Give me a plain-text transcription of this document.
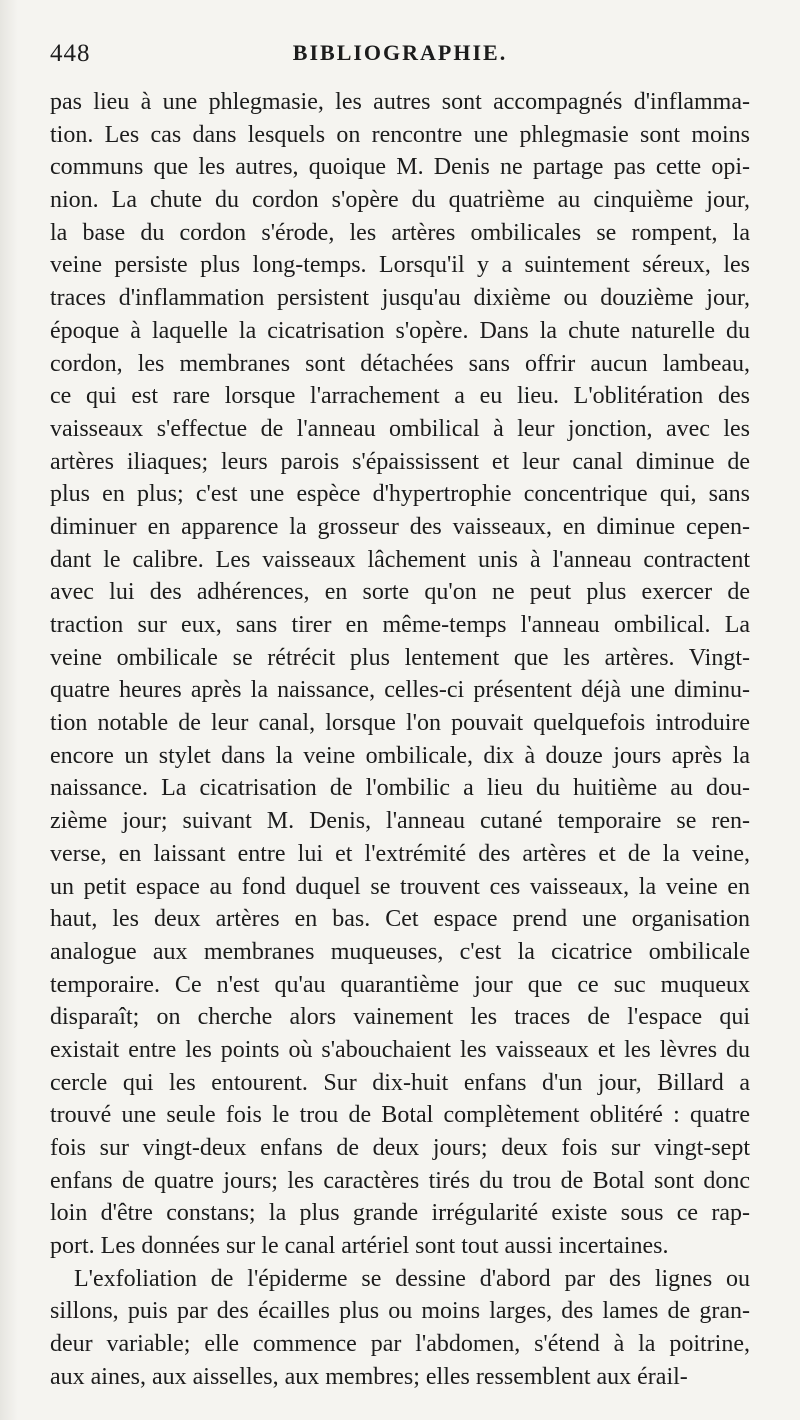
448	BIBLIOGRAPHIE.
pas lieu à une phlegmasie, les autres sont accompagnés d'inflamma-
tion. Les cas dans lesquels on rencontre une phlegmasie sont moins
communs que les autres, quoique M. Denis ne partage pas cette opi-
nion. La chute du cordon s'opère du quatrième au cinquième jour,
la base du cordon s'érode, les artères ombilicales se rompent, la
veine persiste plus long-temps. Lorsqu'il y a suintement séreux, les
traces d'inflammation persistent jusqu'au dixième ou douzième jour,
époque à laquelle la cicatrisation s'opère. Dans la chute naturelle du
cordon, les membranes sont détachées sans offrir aucun lambeau,
ce qui est rare lorsque l'arrachement a eu lieu. L'oblitération des
vaisseaux s'effectue de l'anneau ombilical à leur jonction, avec les
artères iliaques; leurs parois s'épaississent et leur canal diminue de
plus en plus; c'est une espèce d'hypertrophie concentrique qui, sans
diminuer en apparence la grosseur des vaisseaux, en diminue cepen-
dant le calibre. Les vaisseaux lâchement unis à l'anneau contractent
avec lui des adhérences, en sorte qu'on ne peut plus exercer de
traction sur eux, sans tirer en même-temps l'anneau ombilical. La
veine ombilicale se rétrécit plus lentement que les artères. Vingt-
quatre heures après la naissance, celles-ci présentent déjà une diminu-
tion notable de leur canal, lorsque l'on pouvait quelquefois introduire
encore un stylet dans la veine ombilicale, dix à douze jours après la
naissance. La cicatrisation de l'ombilic a lieu du huitième au dou-
zième jour; suivant M. Denis, l'anneau cutané temporaire se ren-
verse, en laissant entre lui et l'extrémité des artères et de la veine,
un petit espace au fond duquel se trouvent ces vaisseaux, la veine en
haut, les deux artères en bas. Cet espace prend une organisation
analogue aux membranes muqueuses, c'est la cicatrice ombilicale
temporaire. Ce n'est qu'au quarantième jour que ce suc muqueux
disparaît; on cherche alors vainement les traces de l'espace qui
existait entre les points où s'abouchaient les vaisseaux et les lèvres du
cercle qui les entourent. Sur dix-huit enfans d'un jour, Billard a
trouvé une seule fois le trou de Botal complètement oblitéré : quatre
fois sur vingt-deux enfans de deux jours; deux fois sur vingt-sept
enfans de quatre jours; les caractères tirés du trou de Botal sont donc
loin d'être constans; la plus grande irrégularité existe sous ce rap-
port. Les données sur le canal artériel sont tout aussi incertaines.
L'exfoliation de l'épiderme se dessine d'abord par des lignes ou
sillons, puis par des écailles plus ou moins larges, des lames de gran-
deur variable; elle commence par l'abdomen, s'étend à la poitrine,
aux aines, aux aisselles, aux membres; elles ressemblent aux érail-
